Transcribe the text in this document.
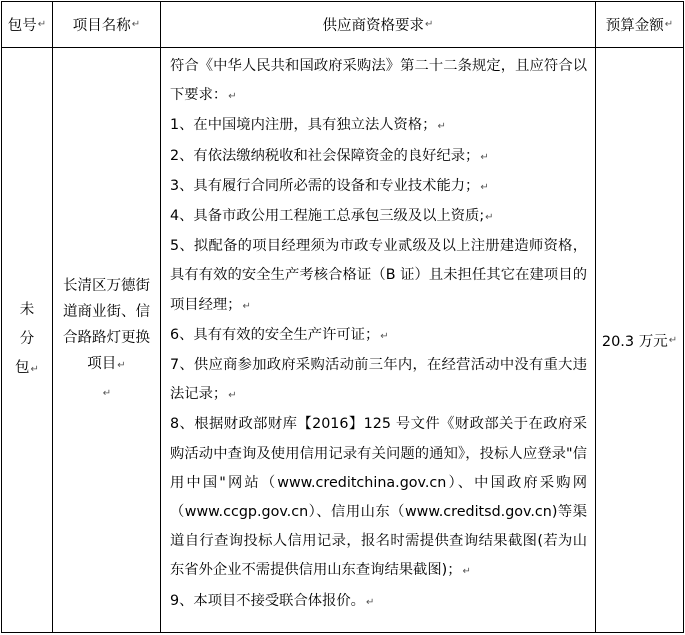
包号 ↵ 项目名称 ↵	供应商资格要求 ↵	预算金额 ↵
未 分 包↵
长清区万德街道商业街、信合路路灯更换项目↵
↵

符合《中华人民共和国政府采购法》第二十二条规定，且应符合以下要求：↵

1、在中国境内注册，具有独立法人资格；↵

2、有依法缴纳税收和社会保障资金的良好纪录；↵

3、具有履行合同所必需的设备和专业技术能力；↵

4、具备市政公用工程施工总承包三级及以上资质;↵

5、拟配备的项目经理须为市政专业贰级及以上注册建造师资格，具有有效的安全生产考核合格证（B 证）且未担任其它在建项目的项目经理；↵

6、具有有效的安全生产许可证；↵

7、供应商参加政府采购活动前三年内，在经营活动中没有重大违法记录；↵

8、根据财政部财库【2016】125 号文件《财政部关于在政府采购活动中查询及使用信用记录有关问题的通知》，投标人应登录"信用中国"网站（www.creditchina.gov.cn）、中国政府采购网（www.ccgp.gov.cn）、信用山东（www.creditsd.gov.cn)等渠道自行查询投标人信用记录，报名时需提供查询结果截图(若为山东省外企业不需提供信用山东查询结果截图)；↵

9、本项目不接受联合体报价。↵

20.3 万元 ↵
